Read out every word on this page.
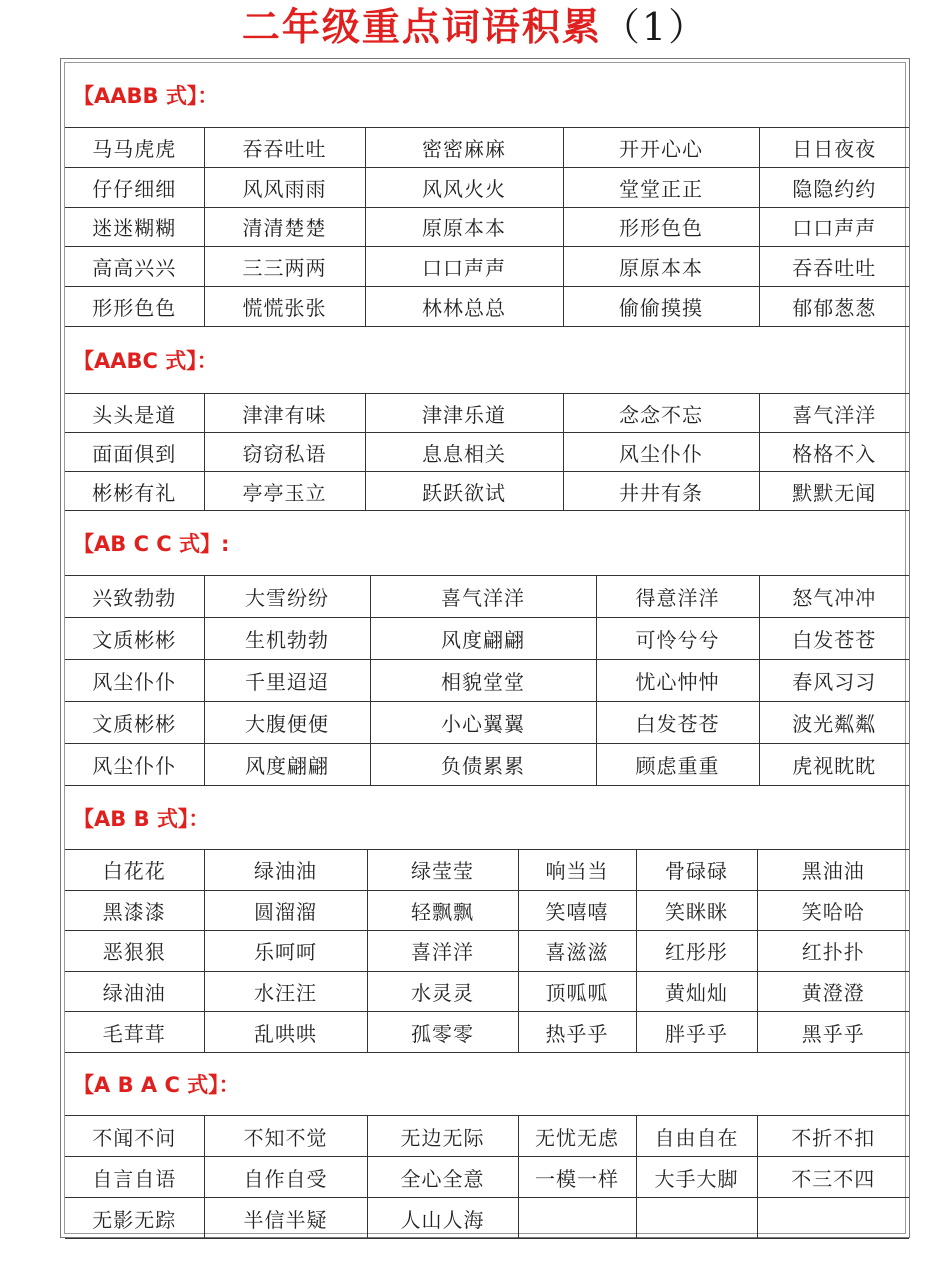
二年级重点词语积累（1）
【AABB 式】：
马马虎虎	吞吞吐吐	密密麻麻	开开心心	日日夜夜
仔仔细细	风风雨雨	风风火火	堂堂正正	隐隐约约
迷迷糊糊	清清楚楚	原原本本	形形色色	口口声声
高高兴兴	三三两两	口口声声	原原本本	吞吞吐吐
形形色色	慌慌张张	林林总总	偷偷摸摸	郁郁葱葱
【AABC 式】：
头头是道	津津有味	津津乐道	念念不忘	喜气洋洋
面面俱到	窃窃私语	息息相关	风尘仆仆	格格不入
彬彬有礼	亭亭玉立	跃跃欲试	井井有条	默默无闻
【AB C C 式】:
兴致勃勃	大雪纷纷	喜气洋洋	得意洋洋	怒气冲冲
文质彬彬	生机勃勃	风度翩翩	可怜兮兮	白发苍苍
风尘仆仆	千里迢迢	相貌堂堂	忧心忡忡	春风习习
文质彬彬	大腹便便	小心翼翼	白发苍苍	波光粼粼
风尘仆仆	风度翩翩	负债累累	顾虑重重	虎视眈眈
【AB B 式】：
白花花	绿油油	绿莹莹	响当当	骨碌碌	黑油油
黑漆漆	圆溜溜	轻飘飘	笑嘻嘻	笑眯眯	笑哈哈
恶狠狠	乐呵呵	喜洋洋	喜滋滋	红彤彤	红扑扑
绿油油	水汪汪	水灵灵	顶呱呱	黄灿灿	黄澄澄
毛茸茸	乱哄哄	孤零零	热乎乎	胖乎乎	黑乎乎
【A B A C 式】：
不闻不问	不知不觉	无边无际	无忧无虑	自由自在	不折不扣
自言自语	自作自受	全心全意	一模一样	大手大脚	不三不四
无影无踪	半信半疑	人山人海			
